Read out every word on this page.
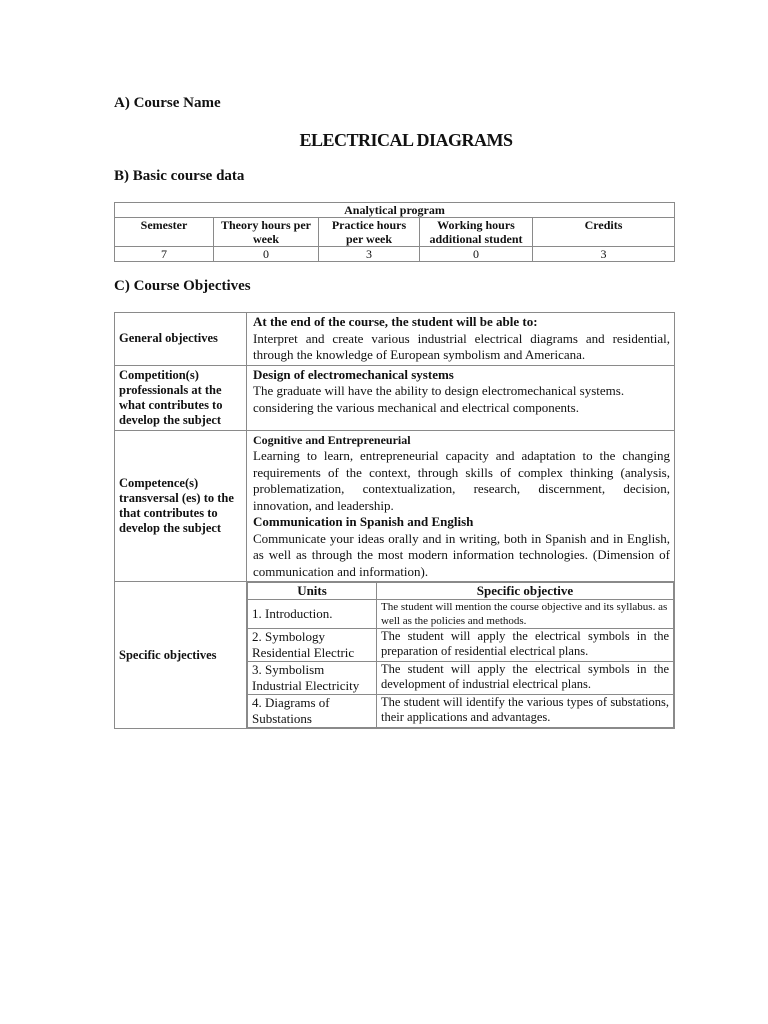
A) Course Name
ELECTRICAL DIAGRAMS
B) Basic course data
Analytical program				
Semester	Theory hours per week	Practice hours per week	Working hours additional student	Credits
7	0	3	0	3
C) Course Objectives
General objectives	
At the end of the course, the student will be able to:
Interpret and create various industrial electrical diagrams and residential, through the knowledge of European symbolism and Americana.

Competition(s) professionals at the what contributes to develop the subject	
Design of electromechanical systems
The graduate will have the ability to design electromechanical systems. considering the various mechanical and electrical components.

Competence(s) transversal (es) to the that contributes to develop the subject	
Cognitive and Entrepreneurial
Learning to learn, entrepreneurial capacity and adaptation to the changing requirements of the context, through skills of complex thinking (analysis, problematization, contextualization, research, discernment, decision, innovation, and leadership.
Communication in Spanish and English
Communicate your ideas orally and in writing, both in Spanish and in English, as well as through the most modern information technologies. (Dimension of communication and information).

Specific objectives	
Units	Specific objective
1. Introduction.	The student will mention the course objective and its syllabus. as well as the policies and methods.
2. Symbology Residential Electric	The student will apply the electrical symbols in the preparation of residential electrical plans.
3. Symbolism Industrial Electricity	The student will apply the electrical symbols in the development of industrial electrical plans.
4. Diagrams of Substations	The student will identify the various types of substations, their applications and advantages.
